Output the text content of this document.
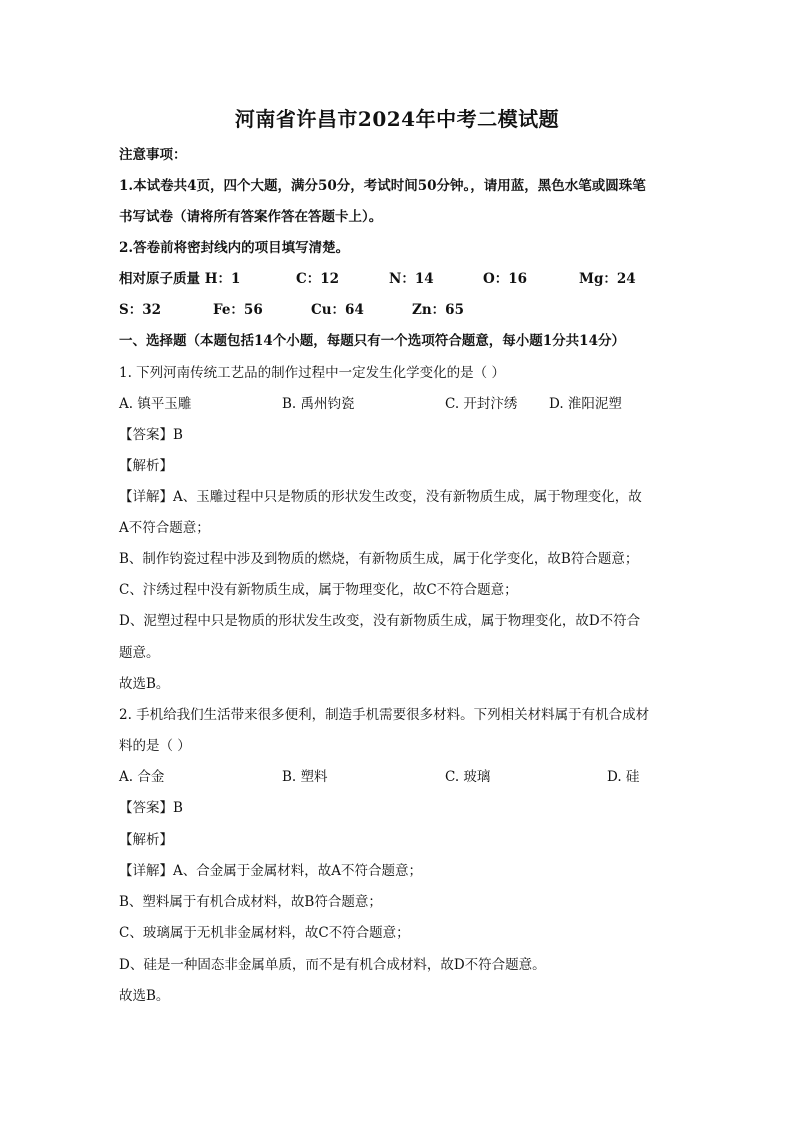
河南省许昌市2024年中考二模试题
注意事项：
1.本试卷共4页，四个大题，满分50分，考试时间50分钟。，请用蓝，黑色水笔或圆珠笔
书写试卷（请将所有答案作答在答题卡上）。
2.答卷前将密封线内的项目填写清楚。
相对原子质量 H：1	C：12	N：14	O：16	Mg：24
S：32	Fe：56	Cu：64	Zn：65
一、选择题（本题包括14个小题，每题只有一个选项符合题意，每小题1分共14分）
1. 下列河南传统工艺品的制作过程中一定发生化学变化的是（ ）
A. 镇平玉雕	B. 禹州钧瓷	C. 开封汴绣 D. 淮阳泥塑
【答案】B
【解析】
【详解】A、玉雕过程中只是物质的形状发生改变，没有新物质生成，属于物理变化，故
A不符合题意；
B、制作钧瓷过程中涉及到物质的燃烧，有新物质生成，属于化学变化，故B符合题意；
C、汴绣过程中没有新物质生成，属于物理变化，故C不符合题意；
D、泥塑过程中只是物质的形状发生改变，没有新物质生成，属于物理变化，故D不符合
题意。
故选B。
2. 手机给我们生活带来很多便利，制造手机需要很多材料。下列相关材料属于有机合成材
料的是（ ）
A. 合金	B. 塑料	C. 玻璃	D. 硅
【答案】B
【解析】
【详解】A、合金属于金属材料，故A不符合题意；
B、塑料属于有机合成材料，故B符合题意；
C、玻璃属于无机非金属材料，故C不符合题意；
D、硅是一种固态非金属单质，而不是有机合成材料，故D不符合题意。
故选B。
